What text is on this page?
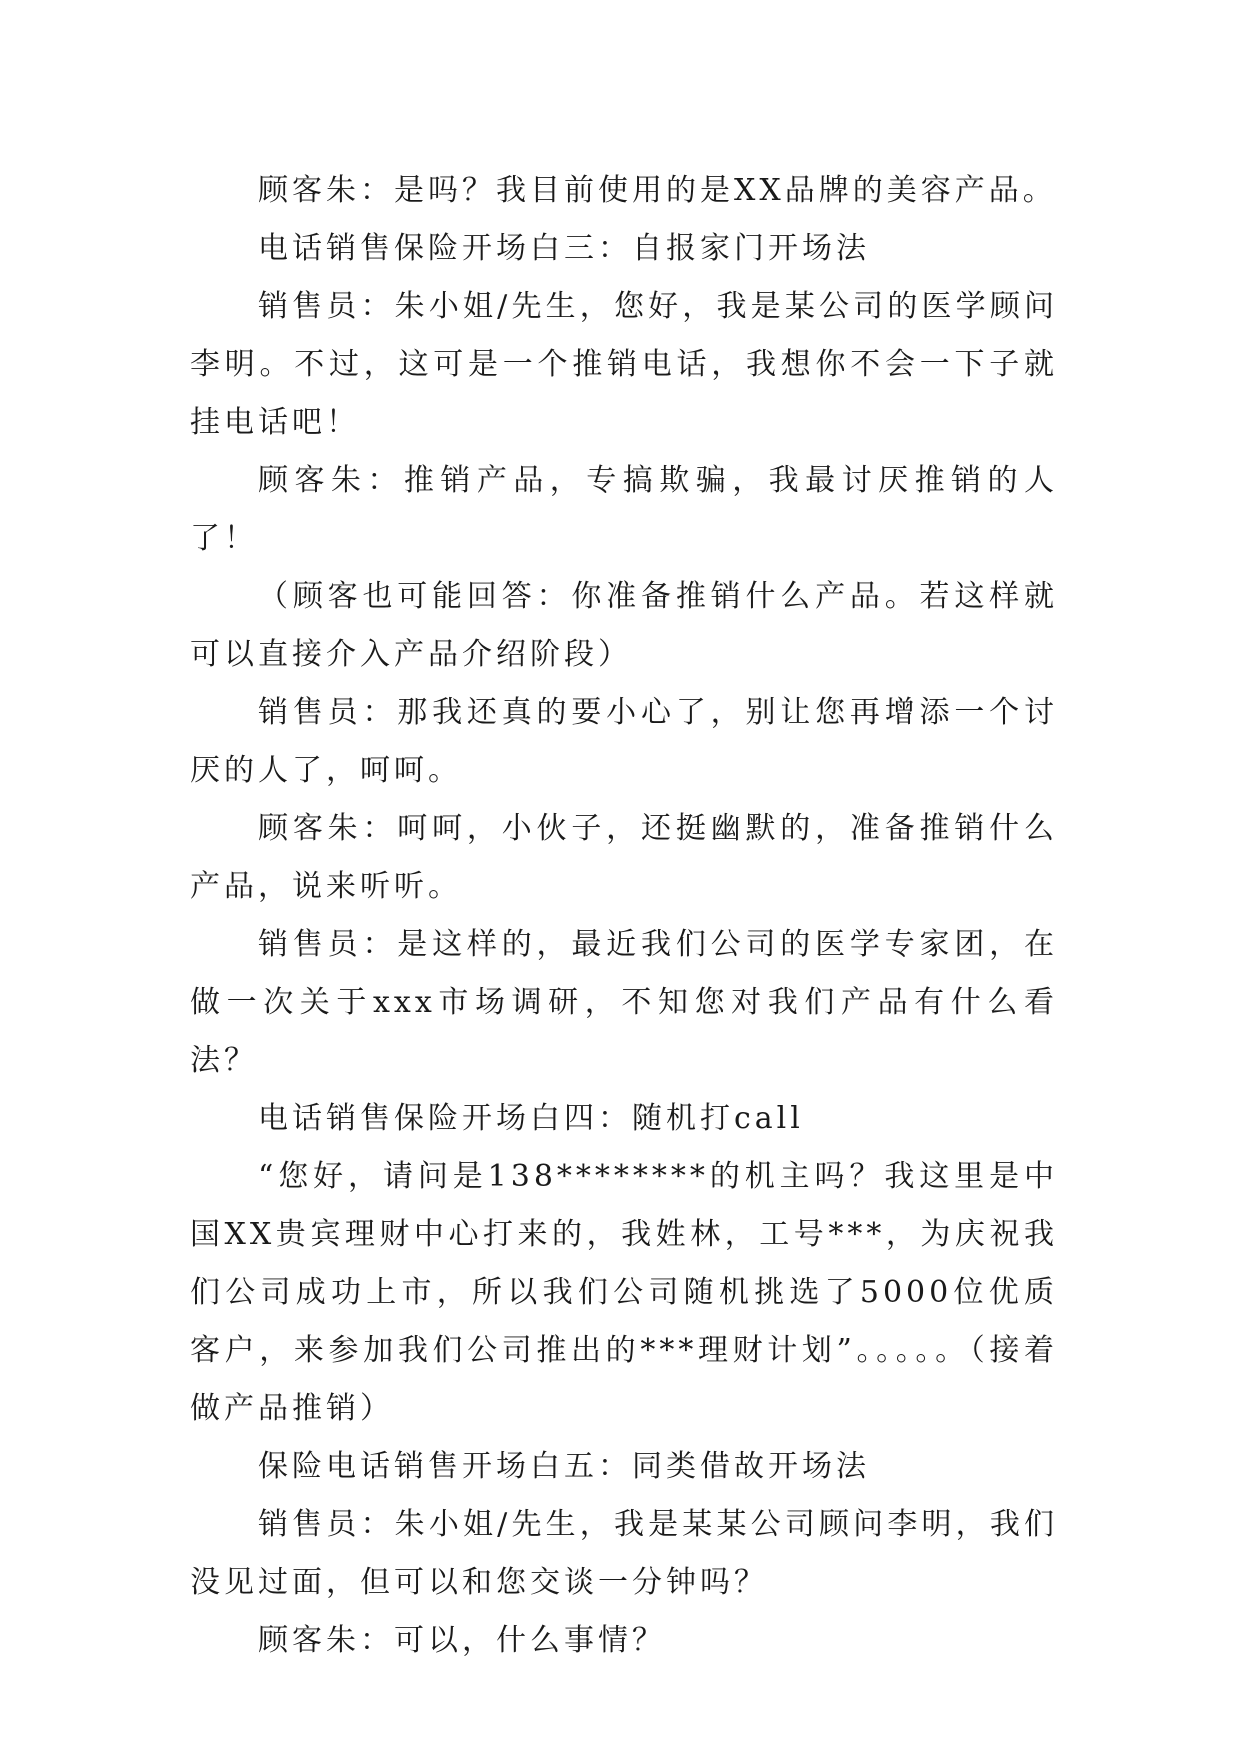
顾客朱：是吗？我目前使用的是XX品牌的美容产品。

电话销售保险开场白三：自报家门开场法

销售员：朱小姐/先生，您好，我是某公司的医学顾问李明。不过，这可是一个推销电话，我想你不会一下子就挂电话吧！

顾客朱：推销产品，专搞欺骗，我最讨厌推销的人了！

（顾客也可能回答：你准备推销什么产品。若这样就可以直接介入产品介绍阶段）

销售员：那我还真的要小心了，别让您再增添一个讨厌的人了，呵呵。

顾客朱：呵呵，小伙子，还挺幽默的，准备推销什么产品，说来听听。

销售员：是这样的，最近我们公司的医学专家团，在做一次关于xxx市场调研，不知您对我们产品有什么看法？

电话销售保险开场白四：随机打call

“您好，请问是138********的机主吗？我这里是中国XX贵宾理财中心打来的，我姓林，工号***，为庆祝我们公司成功上市，所以我们公司随机挑选了5000位优质客户，来参加我们公司推出的***理财计划”。。。。。（接着做产品推销）

保险电话销售开场白五：同类借故开场法

销售员：朱小姐/先生，我是某某公司顾问李明，我们没见过面，但可以和您交谈一分钟吗？

顾客朱：可以，什么事情？
